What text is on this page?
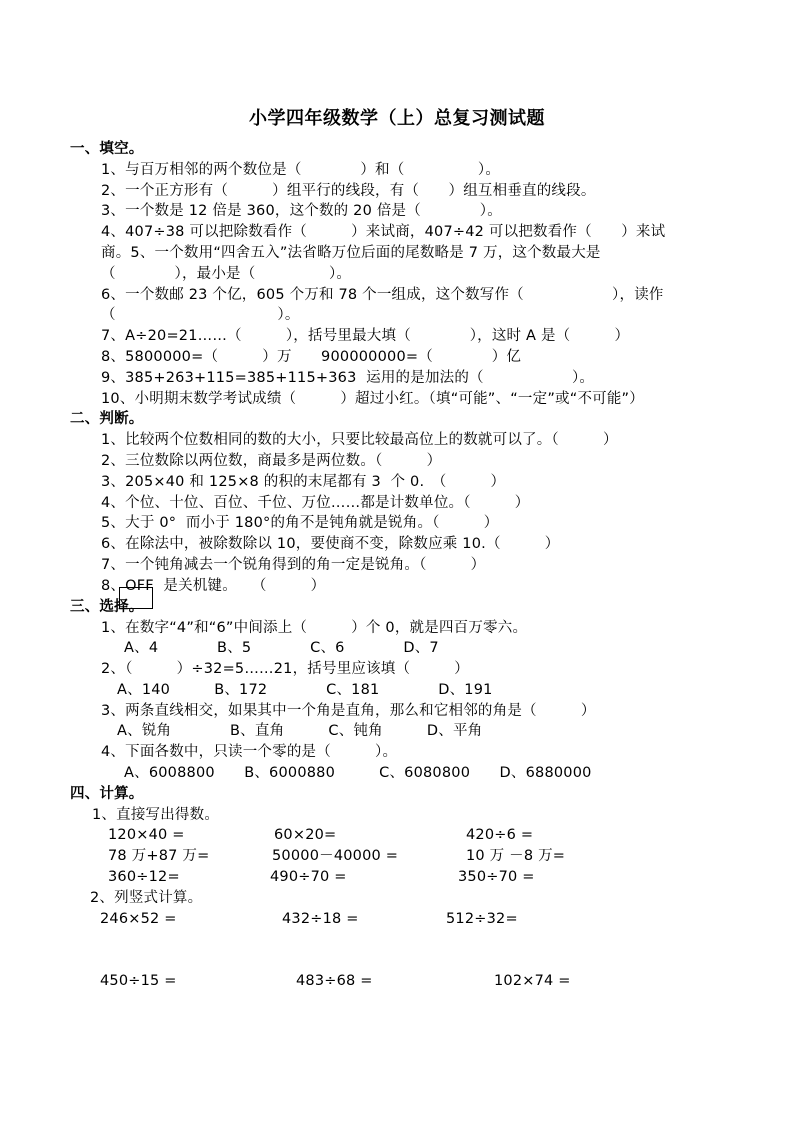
小学四年级数学（上）总复习测试题
一、填空。
1、与百万相邻的两个数位是（　　　　）和（　　　　　）。
2、一个正方形有（　　　）组平行的线段，有（　　）组互相垂直的线段。
3、一个数是 12 倍是 360，这个数的 20 倍是（　　　　）。
4、407÷38 可以把除数看作（　　　）来试商，407÷42 可以把数看作（　　）来试
商。5、一个数用“四舍五入”法省略万位后面的尾数略是 7 万，这个数最大是
（　　　　），最小是（　　　　　）。
6、一个数邮 23 个亿，605 个万和 78 个一组成，这个数写作（　　　　　　），读作
（　　　　　　　　　　　）。
7、A÷20=21……（　　　），括号里最大填（　　　　），这时 A 是（　　　）
8、5800000=（　　　）万　　900000000=（　　　　）亿
9、385+263+115=385+115+363  运用的是加法的（　　　　　　）。
10、小明期末数学考试成绩（　　　）超过小红。（填“可能”、“一定”或“不可能”）
二、判断。
1、比较两个位数相同的数的大小，只要比较最高位上的数就可以了。（　　　）
2、三位数除以两位数，商最多是两位数。（　　　）
3、205×40 和 125×8 的积的末尾都有 3  个 0.　（　　　）
4、个位、十位、百位、千位、万位……都是计数单位。（　　　）
5、大于 0°  而小于 180°的角不是钝角就是锐角。（　　　）
6、在除法中，被除数除以 10，要使商不变，除数应乘 10.（　　　）
7、一个钝角减去一个锐角得到的角一定是锐角。（　　　）
8、OFF  是关机键。　　（　　　）
三、选择。
1、在数字“4”和“6”中间添上（　　　）个 0，就是四百万零六。
A、4　　　　B、5　　　　C、6　　　　D、7
2、（　　　）÷32=5……21，括号里应该填（　　　）
A、140　　　B、172　　　　C、181　　　　D、191
3、两条直线相交，如果其中一个角是直角，那么和它相邻的角是（　　　）
A、锐角　　　　B、直角　　　C、钝角　　　D、平角
4、下面各数中，只读一个零的是（　　　）。
A、6008800　　B、6000880　　　C、6080800　　D、6880000
四、计算。
1、直接写出得数。
120×40 =	60×20=	420÷6 =
78 万+87 万=	50000－40000 =	10 万 －8 万=
360÷12=	490÷70 =	350÷70 =
2、列竖式计算。
246×52 =	432÷18 =	512÷32=
450÷15 =	483÷68 =	102×74 =
